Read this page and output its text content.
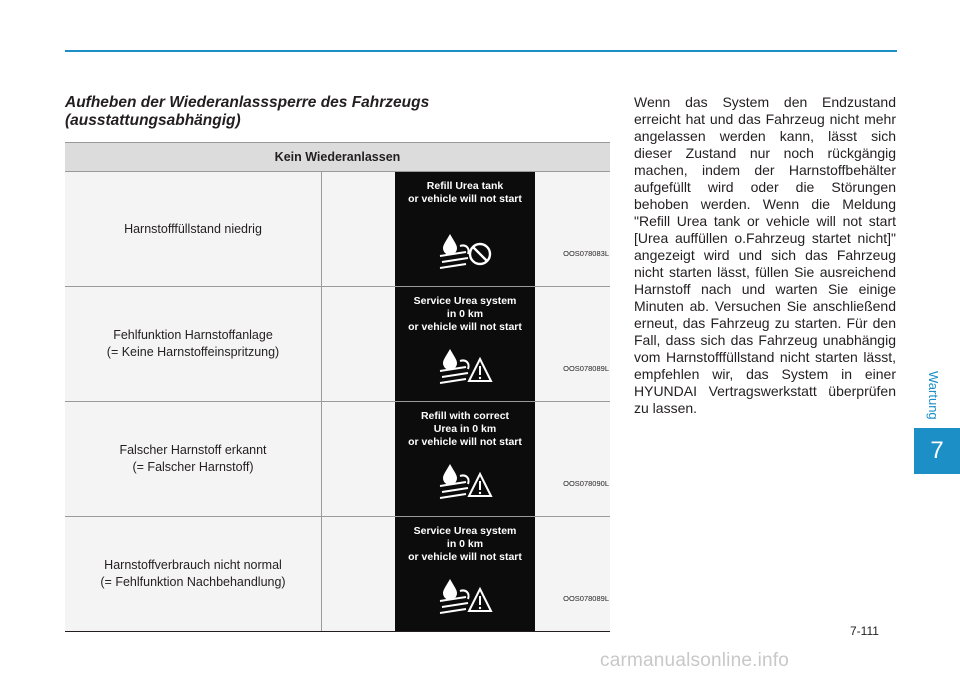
Wartung
7
Aufheben der Wiederanlasssperre des Fahrzeugs
(ausstattungsabhängig)
Kein Wiederanlassen
Harnstofffüllstand niedrig
Refill Urea tank
or vehicle will not start
OOS078083L
Fehlfunktion Harnstoffanlage
(= Keine Harnstoffeinspritzung)
Service Urea system
in 0 km
or vehicle will not start
OOS078089L
Falscher Harnstoff erkannt
(= Falscher Harnstoff)
Refill with correct
Urea in 0 km
or vehicle will not start
OOS078090L
Harnstoffverbrauch nicht normal
(= Fehlfunktion Nachbehandlung)
Service Urea system
in 0 km
or vehicle will not start
OOS078089L

Wenn das System den Endzustand erreicht hat und das Fahrzeug nicht mehr angelassen werden kann, lässt sich dieser Zustand nur noch rückgängig machen, indem der Harnstoffbehälter aufgefüllt wird oder die Störungen behoben werden. Wenn die Meldung "Refill Urea tank or vehicle will not start [Urea auffüllen o.Fahrzeug startet nicht]" angezeigt wird und sich das Fahrzeug nicht starten lässt, füllen Sie ausreichend Harnstoff nach und warten Sie einige Minuten ab. Versuchen Sie anschließend erneut, das Fahrzeug zu starten. Für den Fall, dass sich das Fahrzeug unabhängig vom Harnstofffüllstand nicht starten lässt, empfehlen wir, das System in einer HYUNDAI Vertragswerkstatt überprüfen zu lassen.

7-111
carmanualsonline.info
